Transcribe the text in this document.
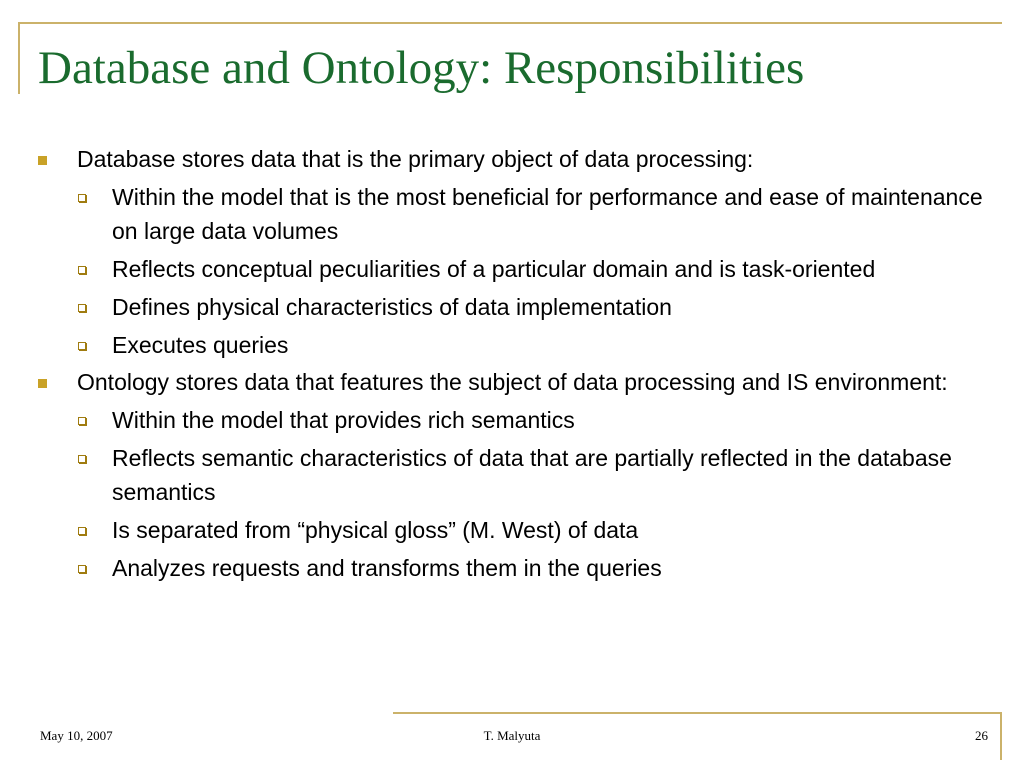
Database and Ontology: Responsibilities
Database stores data that is the primary object of data processing:
Within the model that is the most beneficial for performance and ease of maintenance on large data volumes
Reflects conceptual peculiarities of a particular domain and is task-oriented
Defines physical characteristics of data implementation
Executes queries
Ontology stores data that features the subject of data processing and IS environment:
Within the model that provides rich semantics
Reflects semantic characteristics of data that are partially reflected in the database semantics
Is separated from “physical gloss” (M. West) of data
Analyzes requests and transforms them in the queries
May 10, 2007	T. Malyuta	26
